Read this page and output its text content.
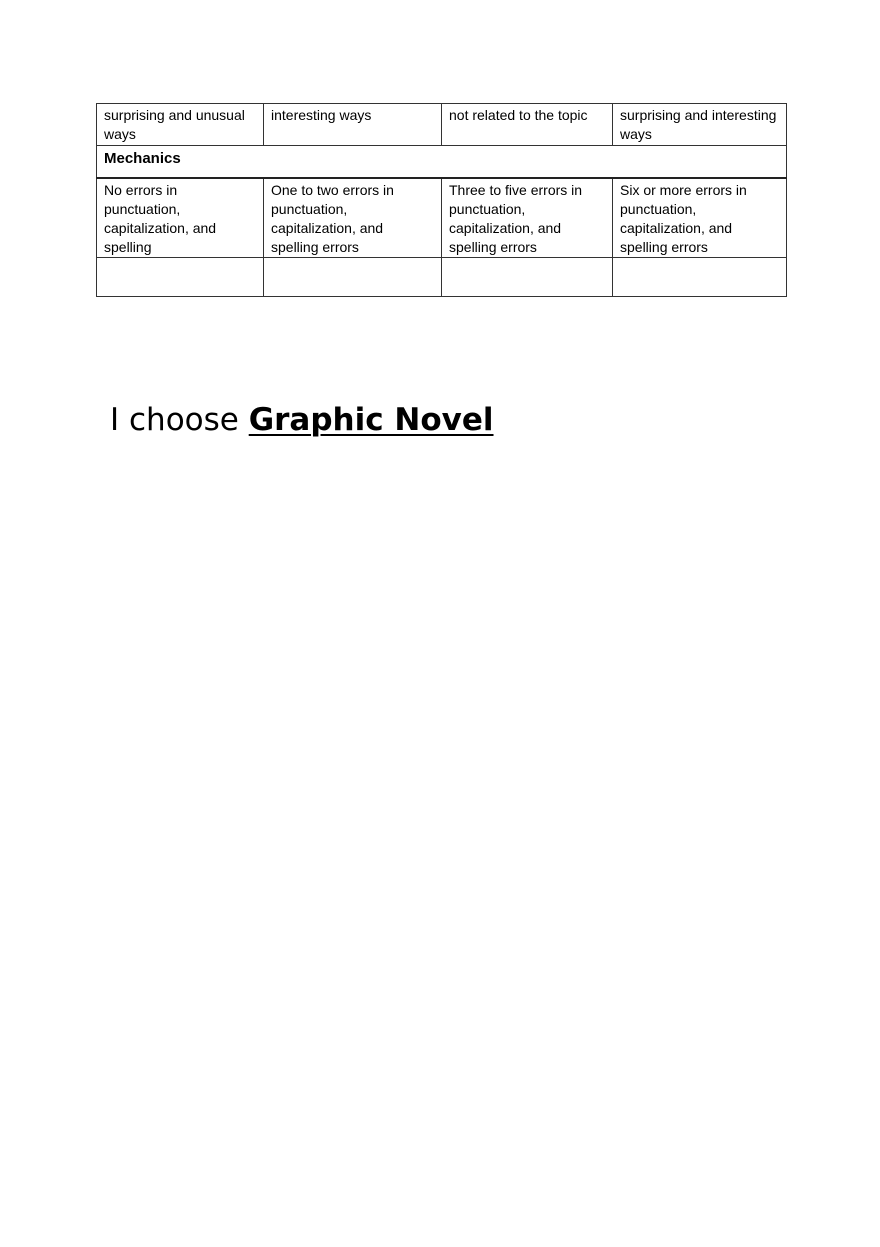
surprising and unusual ways	interesting ways	not related to the topic	surprising and interesting ways
Mechanics			
No errors in punctuation, capitalization, and spelling	One to two errors in punctuation, capitalization, and spelling errors	Three to five errors in punctuation, capitalization, and spelling errors	Six or more errors in punctuation, capitalization, and spelling errors

I choose Graphic Novel
